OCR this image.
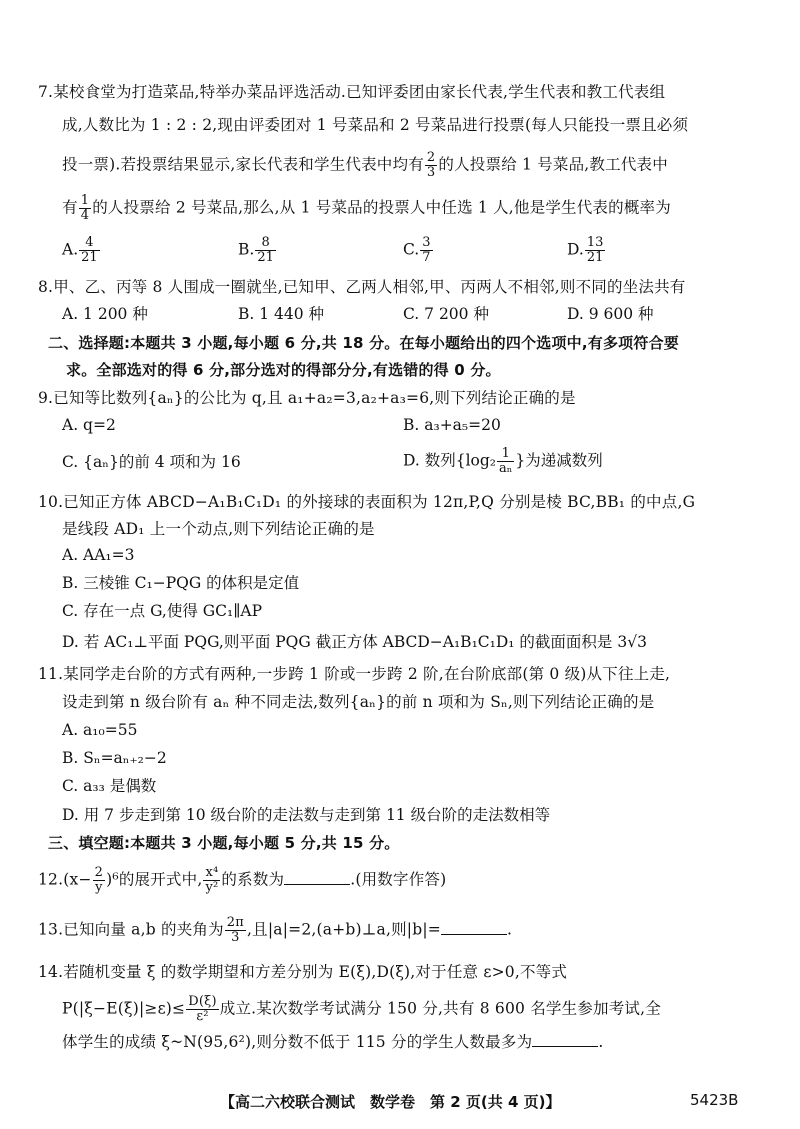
7.某校食堂为打造菜品,特举办菜品评选活动.已知评委团由家长代表,学生代表和教工代表组
成,人数比为 1 : 2 : 2,现由评委团对 1 号菜品和 2 号菜品进行投票(每人只能投一票且必须
投一票).若投票结果显示,家长代表和学生代表中均有 $\frac{2}{3}$ 的人投票给 1 号菜品,教工代表中
有 $\frac{1}{4}$ 的人投票给 2 号菜品,那么,从 1 号菜品的投票人中任选 1 人,他是学生代表的概率为
A. $\frac{4}{21}$	B. $\frac{8}{21}$	C. $\frac{3}{7}$	D. $\frac{13}{21}$
8.甲、乙、丙等 8 人围成一圈就坐,已知甲、乙两人相邻,甲、丙两人不相邻,则不同的坐法共有
A. 1 200 种	B. 1 440 种	C. 7 200 种	D. 9 600 种
二、选择题:本题共 3 小题,每小题 6 分,共 18 分。在每小题给出的四个选项中,有多项符合要
求。全部选对的得 6 分,部分选对的得部分分,有选错的得 0 分。
9.已知等比数列{aₙ}的公比为 q,且 a₁+a₂=3,a₂+a₃=6,则下列结论正确的是
A. q=2	B. a₃+a₅=20
C. {aₙ}的前 4 项和为 16	D. 数列{$\log_2 \frac{1}{\text{aₙ}}$ }为递减数列
10.已知正方体 ABCD−A₁B₁C₁D₁ 的外接球的表面积为 12π,P,Q 分别是棱 BC,BB₁ 的中点,G
是线段 AD₁ 上一个动点,则下列结论正确的是
A. AA₁=3
B. 三棱锥 C₁−PQG 的体积是定值
C. 存在一点 G,使得 GC₁∥AP
D. 若 AC₁⊥平面 PQG,则平面 PQG 截正方体 ABCD−A₁B₁C₁D₁ 的截面面积是 3√3
11.某同学走台阶的方式有两种,一步跨 1 阶或一步跨 2 阶,在台阶底部(第 0 级)从下往上走,
设走到第 n 级台阶有 aₙ 种不同走法,数列{aₙ}的前 n 项和为 Sₙ,则下列结论正确的是
A. a₁₀=55
B. Sₙ=aₙ₊₂−2
C. a₃₃ 是偶数
D. 用 7 步走到第 10 级台阶的走法数与走到第 11 级台阶的走法数相等
三、填空题:本题共 3 小题,每小题 5 分,共 15 分。
$12.(x- \frac{2}{y} )^6$的展开式中, $\frac{\text{x⁴}}{\text{y²}}$ 的系数为	.(用数字作答)
13.已知向量 a,b 的夹角为 $\frac{2\pi}{3}$ ,且|a|=2,(a+b)⊥a,则|b|=	.
14.若随机变量 ξ 的数学期望和方差分别为 E(ξ),D(ξ),对于任意 ε>0,不等式
$P(|\xi-E(\xi)|\ge\varepsilon)\le \frac{D(\xi)}{\text{ε²}}$ 成立.某次数学考试满分 150 分,共有 8 600 名学生参加考试,全
体学生的成绩 ξ~N(95,6²),则分数不低于 115 分的学生人数最多为	.
【高二六校联合测试　数学卷　第 2 页(共 4 页)】	5423B
